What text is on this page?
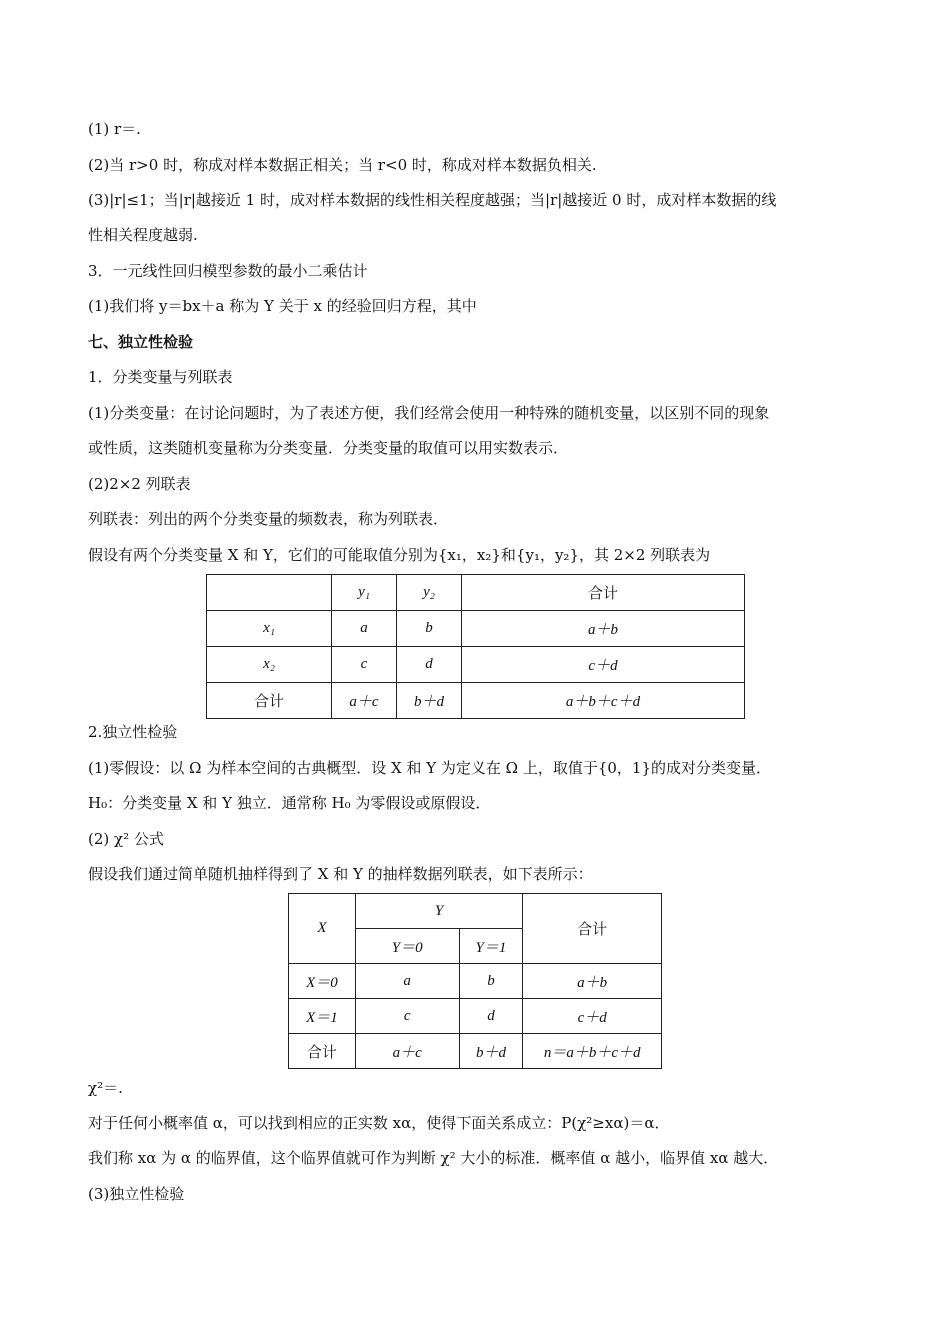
(1) r＝.
(2)当 r>0 时，称成对样本数据正相关；当 r<0 时，称成对样本数据负相关.
(3)|r|≤1；当|r|越接近 1 时，成对样本数据的线性相关程度越强；当|r|越接近 0 时，成对样本数据的线
性相关程度越弱.
3．一元线性回归模型参数的最小二乘估计
(1)我们将 y＝bx＋a 称为 Y 关于 x 的经验回归方程，其中
七、独立性检验
1．分类变量与列联表
(1)分类变量：在讨论问题时，为了表述方便，我们经常会使用一种特殊的随机变量，以区别不同的现象
或性质，这类随机变量称为分类变量．分类变量的取值可以用实数表示．
(2)2×2 列联表
列联表：列出的两个分类变量的频数表，称为列联表．
假设有两个分类变量 X 和 Y，它们的可能取值分别为{x₁，x₂}和{y₁，y₂}，其 2×2 列联表为
	y₁	y₂	合计
x₁	a	b	a＋b
x₂	c	d	c＋d
合计	a＋c	b＋d	a＋b＋c＋d
2.独立性检验
(1)零假设：以 Ω 为样本空间的古典概型．设 X 和 Y 为定义在 Ω 上，取值于{0，1}的成对分类变量．
H₀：分类变量 X 和 Y 独立．通常称 H₀ 为零假设或原假设．
(2) χ² 公式
假设我们通过简单随机抽样得到了 X 和 Y 的抽样数据列联表，如下表所示：
X	Y		合计
	Y＝0	Y＝1	
X＝0	a	b	a＋b
X＝1	c	d	c＋d
合计	a＋c	b＋d	n＝a＋b＋c＋d
χ²＝.
对于任何小概率值 α，可以找到相应的正实数 xα，使得下面关系成立：P(χ²≥xα)＝α．
我们称 xα 为 α 的临界值，这个临界值就可作为判断 χ² 大小的标准．概率值 α 越小，临界值 xα 越大．
(3)独立性检验
